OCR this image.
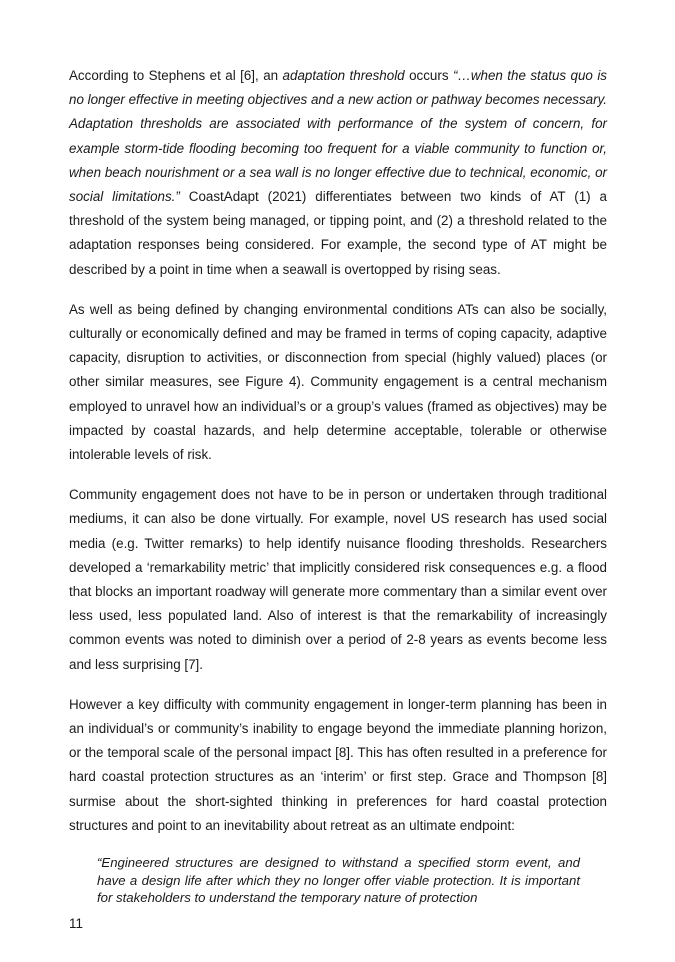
According to Stephens et al [6], an adaptation threshold occurs “…when the status quo is no longer effective in meeting objectives and a new action or pathway becomes necessary. Adaptation thresholds are associated with performance of the system of concern, for example storm-tide flooding becoming too frequent for a viable community to function or, when beach nourishment or a sea wall is no longer effective due to technical, economic, or social limitations.” CoastAdapt (2021) differentiates between two kinds of AT (1) a threshold of the system being managed, or tipping point, and (2) a threshold related to the adaptation responses being considered. For example, the second type of AT might be described by a point in time when a seawall is overtopped by rising seas.

As well as being defined by changing environmental conditions ATs can also be socially, culturally or economically defined and may be framed in terms of coping capacity, adaptive capacity, disruption to activities, or disconnection from special (highly valued) places (or other similar measures, see Figure 4). Community engagement is a central mechanism employed to unravel how an individual’s or a group’s values (framed as objectives) may be impacted by coastal hazards, and help determine acceptable, tolerable or otherwise intolerable levels of risk.

Community engagement does not have to be in person or undertaken through traditional mediums, it can also be done virtually. For example, novel US research has used social media (e.g. Twitter remarks) to help identify nuisance flooding thresholds. Researchers developed a ‘remarkability metric’ that implicitly considered risk consequences e.g. a flood that blocks an important roadway will generate more commentary than a similar event over less used, less populated land. Also of interest is that the remarkability of increasingly common events was noted to diminish over a period of 2-8 years as events become less and less surprising [7].

However a key difficulty with community engagement in longer-term planning has been in an individual’s or community’s inability to engage beyond the immediate planning horizon, or the temporal scale of the personal impact [8]. This has often resulted in a preference for hard coastal protection structures as an ‘interim’ or first step. Grace and Thompson [8] surmise about the short-sighted thinking in preferences for hard coastal protection structures and point to an inevitability about retreat as an ultimate endpoint:

“Engineered structures are designed to withstand a specified storm event, and have a design life after which they no longer offer viable protection. It is important for stakeholders to understand the temporary nature of protection

11
